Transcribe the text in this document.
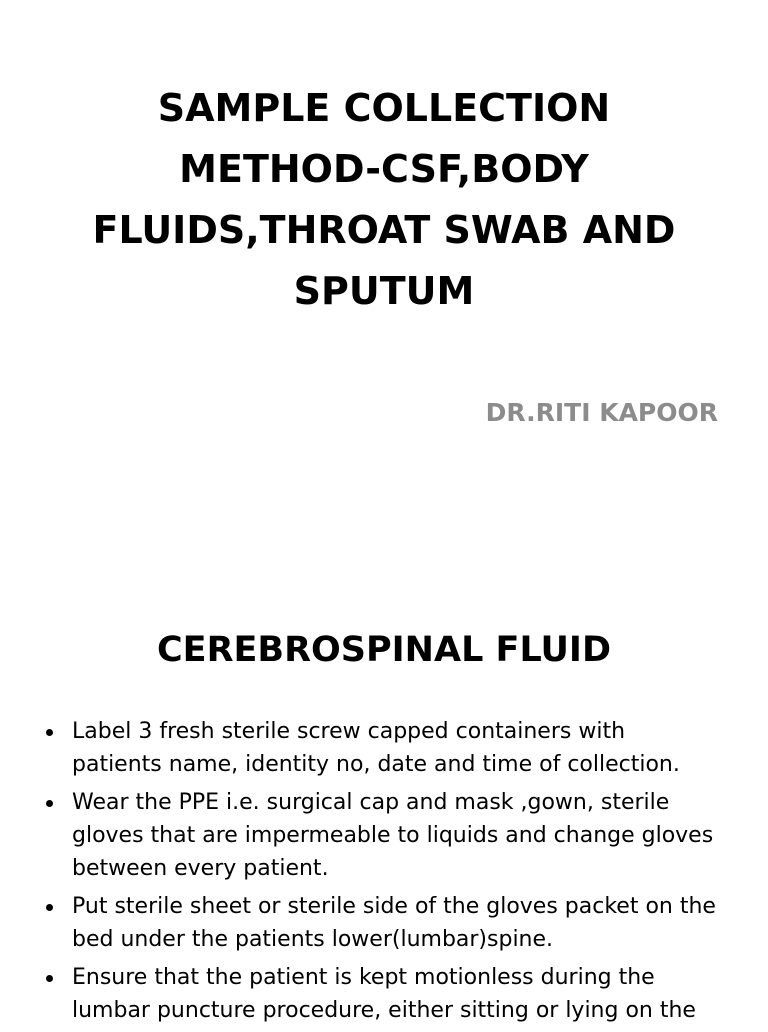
SAMPLE COLLECTION
METHOD-CSF,BODY
FLUIDS,THROAT SWAB AND
SPUTUM

DR.RITI KAPOOR

CEREBROSPINAL FLUID
Label 3 fresh sterile screw capped containers with
patients name, identity no, date and time of collection.
Wear the PPE i.e. surgical cap and mask ,gown, sterile
gloves that are impermeable to liquids and change gloves
between every patient.
Put sterile sheet or sterile side of the gloves packet on the
bed under the patients lower(lumbar)spine.
Ensure that the patient is kept motionless during the
lumbar puncture procedure, either sitting or lying on the
